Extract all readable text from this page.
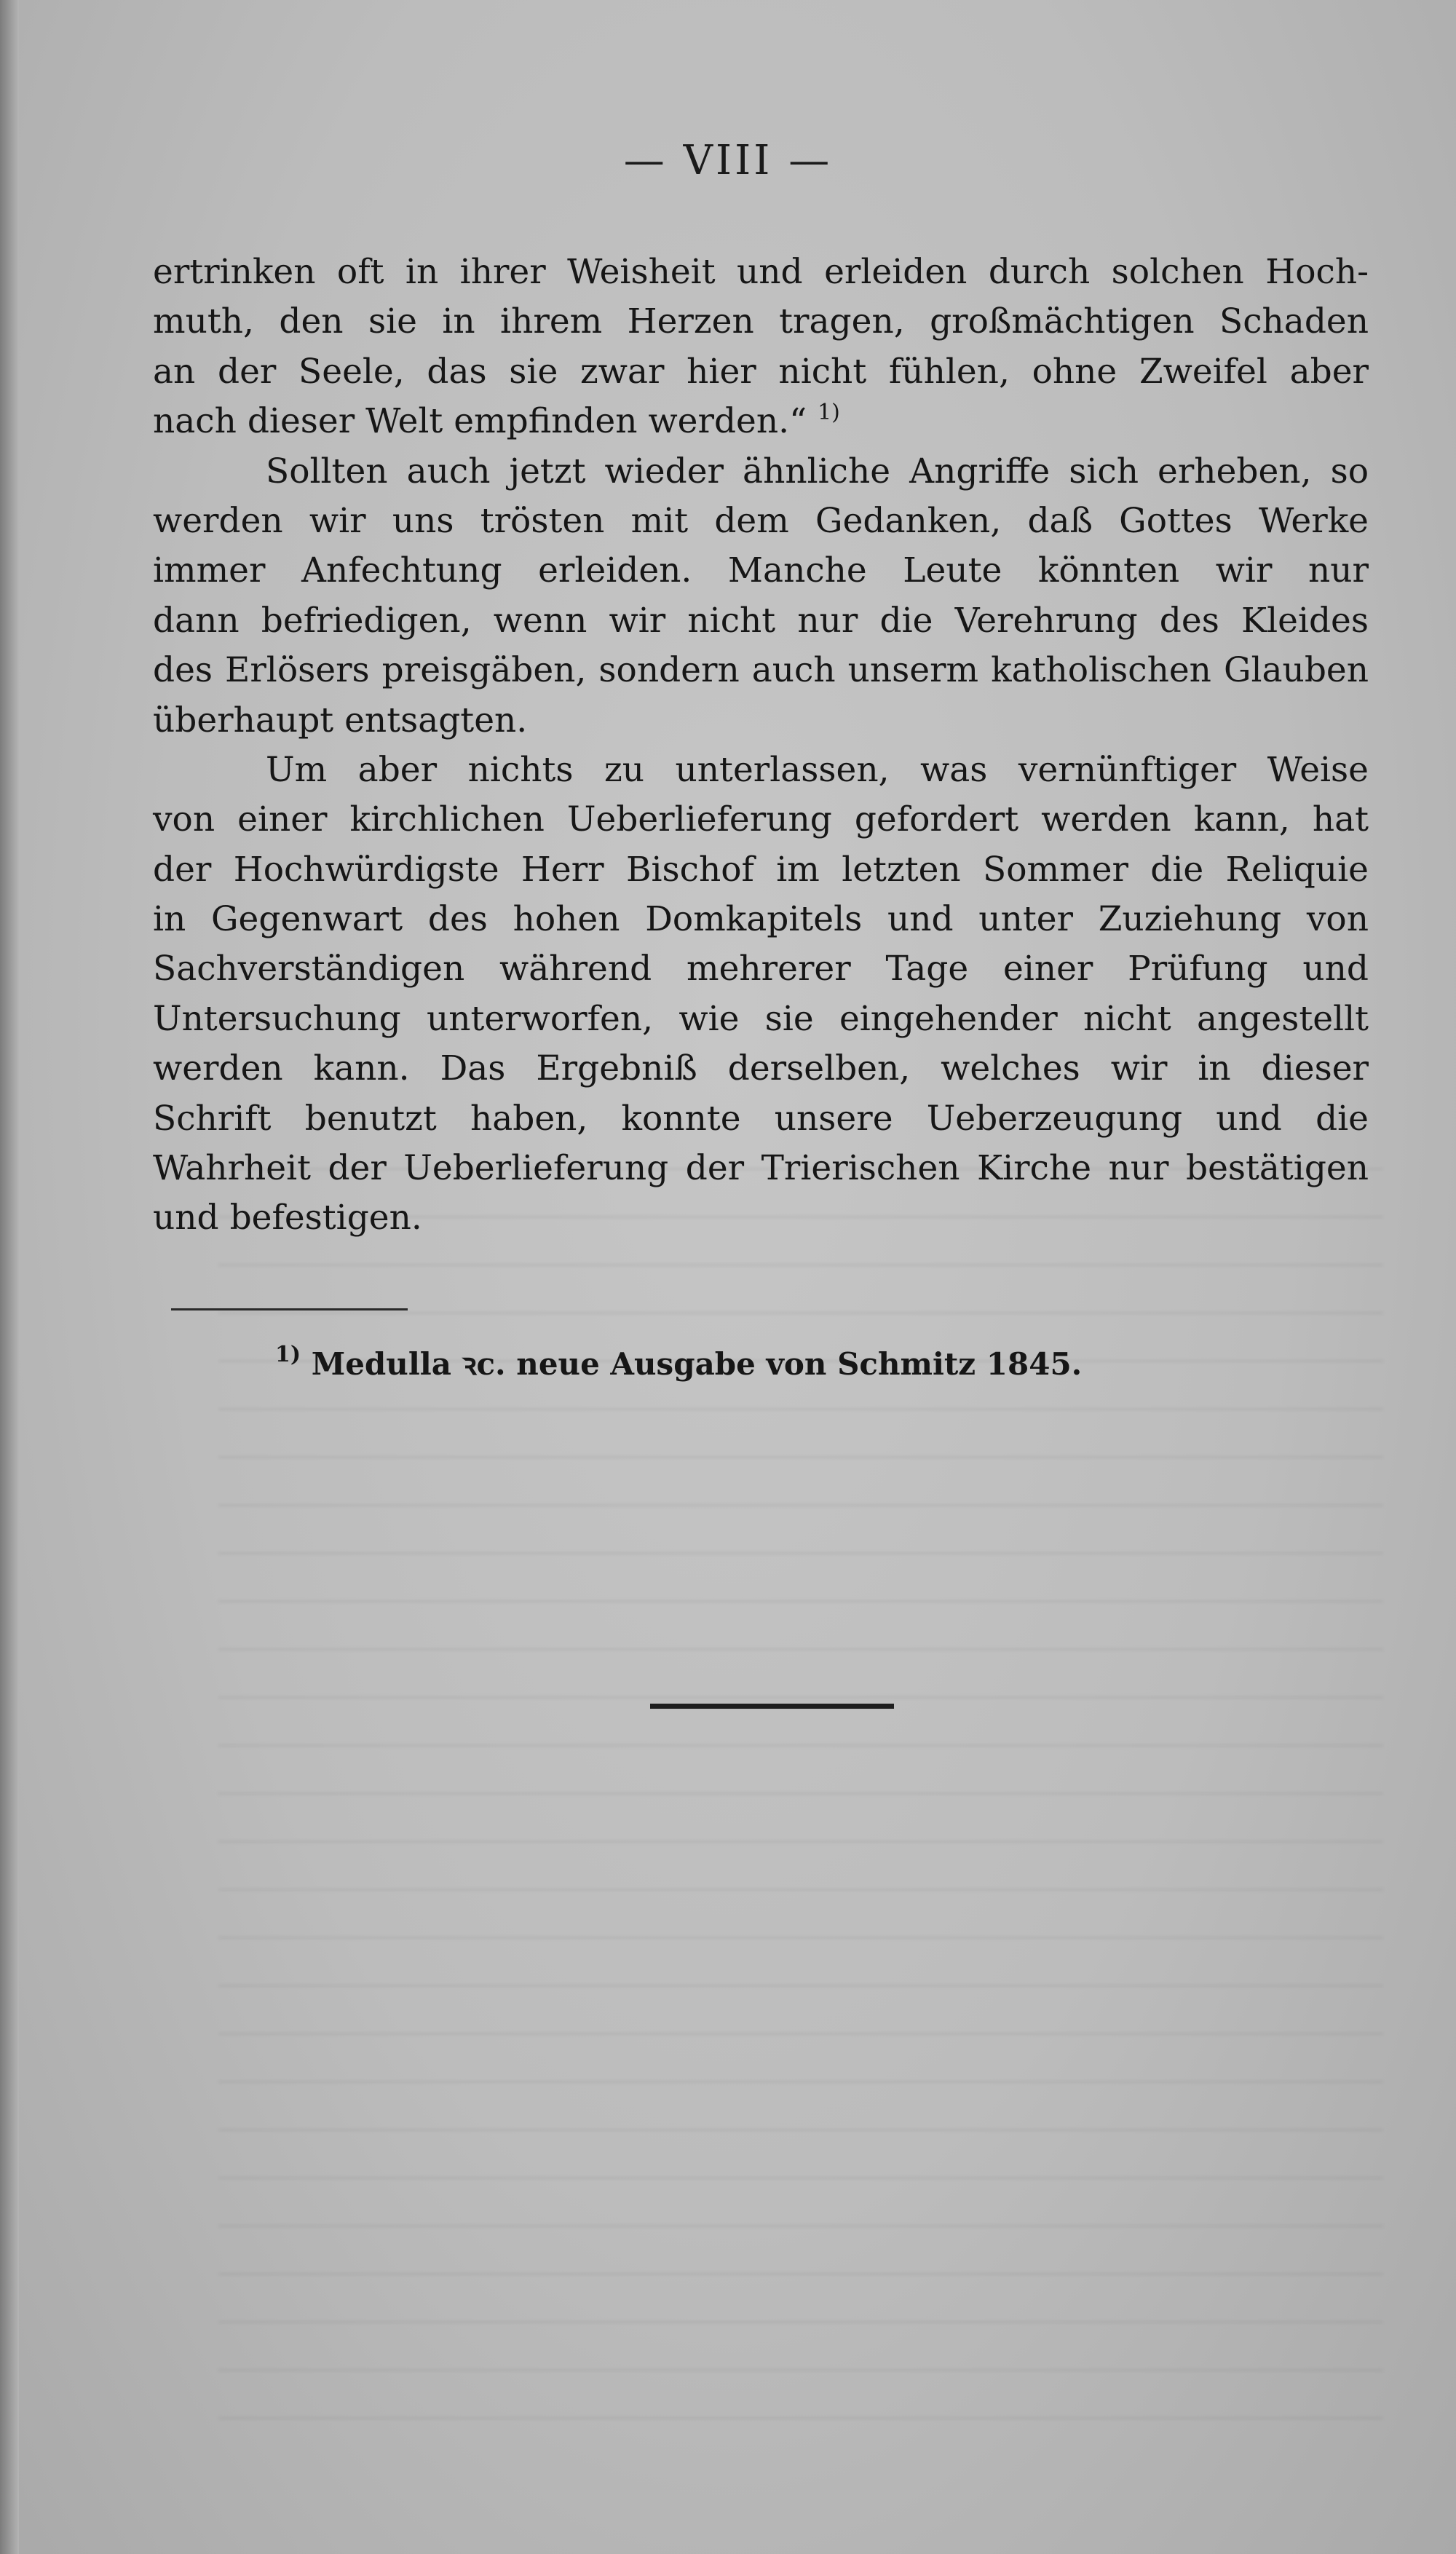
— VIII —
ertrinken oft in ihrer Weisheit und erleiden durch solchen Hoch-
muth, den sie in ihrem Herzen tragen, großmächtigen Schaden
an der Seele, das sie zwar hier nicht fühlen, ohne Zweifel aber
nach dieser Welt empfinden werden.“ $^{1)}$
Sollten auch jetzt wieder ähnliche Angriffe sich erheben, so
werden wir uns trösten mit dem Gedanken, daß Gottes Werke
immer Anfechtung erleiden. Manche Leute könnten wir nur
dann befriedigen, wenn wir nicht nur die Verehrung des Kleides
des Erlösers preisgäben, sondern auch unserm katholischen Glauben
überhaupt entsagten.
Um aber nichts zu unterlassen, was vernünftiger Weise
von einer kirchlichen Ueberlieferung gefordert werden kann, hat
der Hochwürdigste Herr Bischof im letzten Sommer die Reliquie
in Gegenwart des hohen Domkapitels und unter Zuziehung von
Sachverständigen während mehrerer Tage einer Prüfung und
Untersuchung unterworfen, wie sie eingehender nicht angestellt
werden kann. Das Ergebniß derselben, welches wir in dieser
Schrift benutzt haben, konnte unsere Ueberzeugung und die
Wahrheit der Ueberlieferung der Trierischen Kirche nur bestätigen
und befestigen.
$^{1)}$ Medulla ꝛc. neue Ausgabe von Schmitz 1845.
